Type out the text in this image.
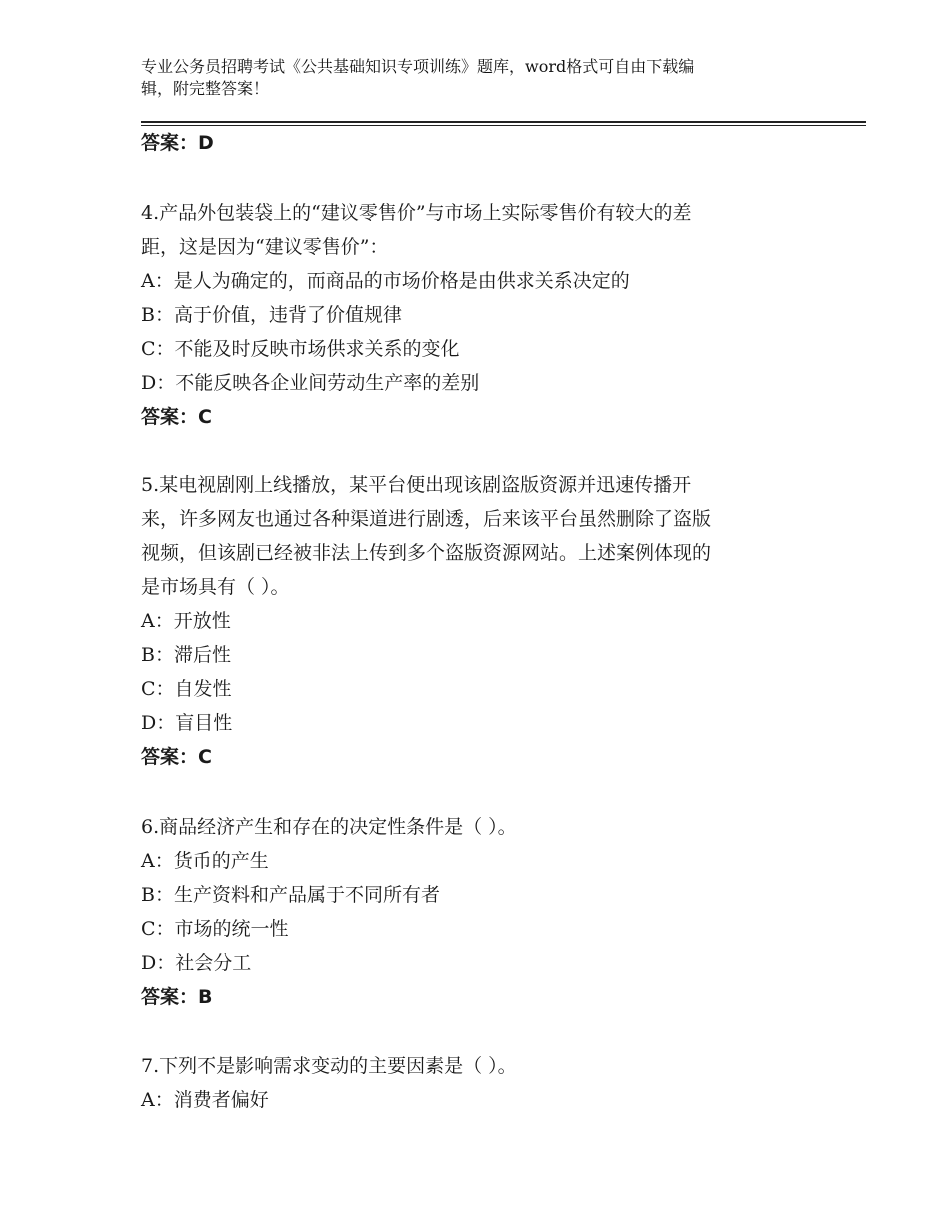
专业公务员招聘考试《公共基础知识专项训练》题库，word格式可自由下载编
辑，附完整答案！
答案：D
4.产品外包装袋上的“建议零售价”与市场上实际零售价有较大的差
距，这是因为“建议零售价”：
A：是人为确定的，而商品的市场价格是由供求关系决定的
B：高于价值，违背了价值规律
C：不能及时反映市场供求关系的变化
D：不能反映各企业间劳动生产率的差别
答案：C
5.某电视剧刚上线播放，某平台便出现该剧盗版资源并迅速传播开
来，许多网友也通过各种渠道进行剧透，后来该平台虽然删除了盗版
视频，但该剧已经被非法上传到多个盗版资源网站。上述案例体现的
是市场具有（ ）。
A：开放性
B：滞后性
C：自发性
D：盲目性
答案：C
6.商品经济产生和存在的决定性条件是（ ）。
A：货币的产生
B：生产资料和产品属于不同所有者
C：市场的统一性
D：社会分工
答案：B
7.下列不是影响需求变动的主要因素是（ ）。
A：消费者偏好
